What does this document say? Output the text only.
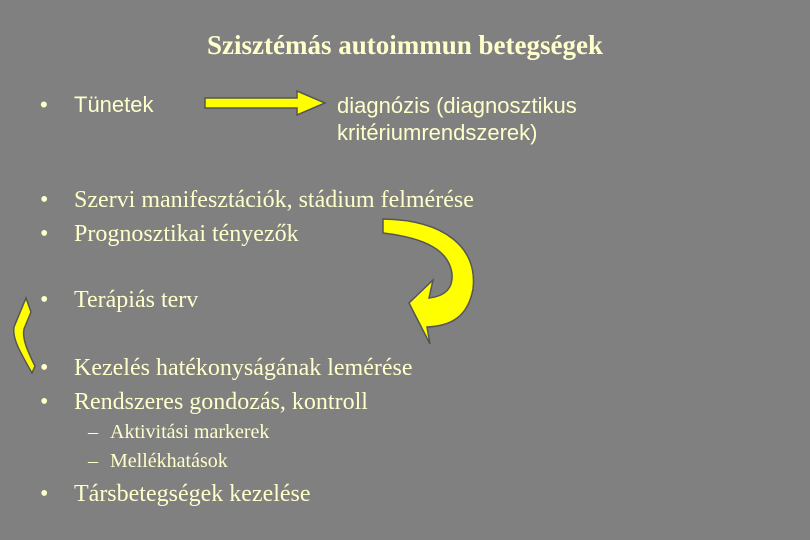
Szisztémás autoimmun betegségek
• Tünetek	diagnózis (diagnosztikus
kritériumrendszerek)
• Szervi manifesztációk, stádium felmérése
• Prognosztikai tényezők
• Terápiás terv
• Kezelés hatékonyságának lemérése
• Rendszeres gondozás, kontroll
– Aktivitási markerek
– Mellékhatások
• Társbetegségek kezelése
